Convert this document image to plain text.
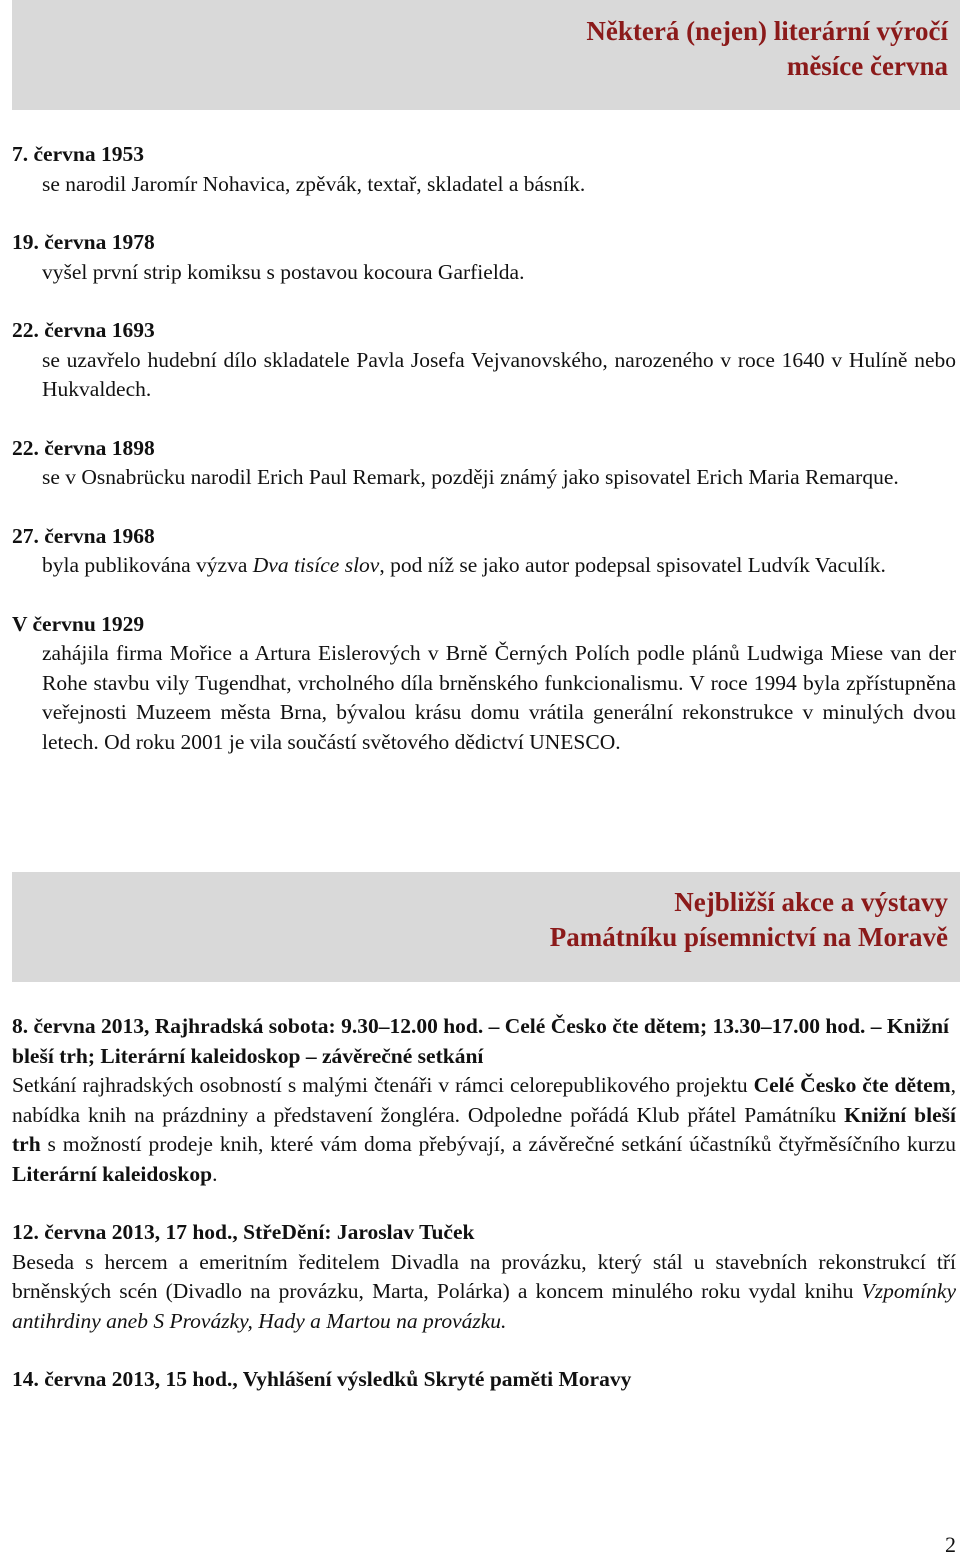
Některá (nejen) literární výročí
měsíce června
7. června 1953
se narodil Jaromír Nohavica, zpěvák, textař, skladatel a básník.
19. června 1978
vyšel první strip komiksu s postavou kocoura Garfielda.
22. června 1693
se uzavřelo hudební dílo skladatele Pavla Josefa Vejvanovského, narozeného v roce 1640 v Hulíně nebo Hukvaldech.
22. června 1898
se v Osnabrücku narodil Erich Paul Remark, později známý jako spisovatel Erich Maria Remarque.
27. června 1968
byla publikována výzva Dva tisíce slov, pod níž se jako autor podepsal spisovatel Ludvík Vaculík.
V červnu 1929
zahájila firma Mořice a Artura Eislerových v Brně Černých Polích podle plánů Ludwiga Miese van der Rohe stavbu vily Tugendhat, vrcholného díla brněnského funkcionalismu. V roce 1994 byla zpřístupněna veřejnosti Muzeem města Brna, bývalou krásu domu vrátila generální rekonstrukce v minulých dvou letech. Od roku 2001 je vila součástí světového dědictví UNESCO.
Nejbližší akce a výstavy
Památníku písemnictví na Moravě
8. června 2013, Rajhradská sobota: 9.30–12.00 hod. – Celé Česko čte dětem; 13.30–17.00 hod. – Knižní bleší trh; Literární kaleidoskop – závěrečné setkání
Setkání rajhradských osobností s malými čtenáři v rámci celorepublikového projektu Celé Česko čte dětem, nabídka knih na prázdniny a představení žongléra. Odpoledne pořádá Klub přátel Památníku Knižní bleší trh s možností prodeje knih, které vám doma přebývají, a závěrečné setkání účastníků čtyřměsíčního kurzu Literární kaleidoskop.
12. června 2013, 17 hod., StřeDění: Jaroslav Tuček
Beseda s hercem a emeritním ředitelem Divadla na provázku, který stál u stavebních rekonstrukcí tří brněnských scén (Divadlo na provázku, Marta, Polárka) a koncem minulého roku vydal knihu Vzpomínky antihrdiny aneb S Provázky, Hady a Martou na provázku.
14. června 2013, 15 hod., Vyhlášení výsledků Skryté paměti Moravy
2
